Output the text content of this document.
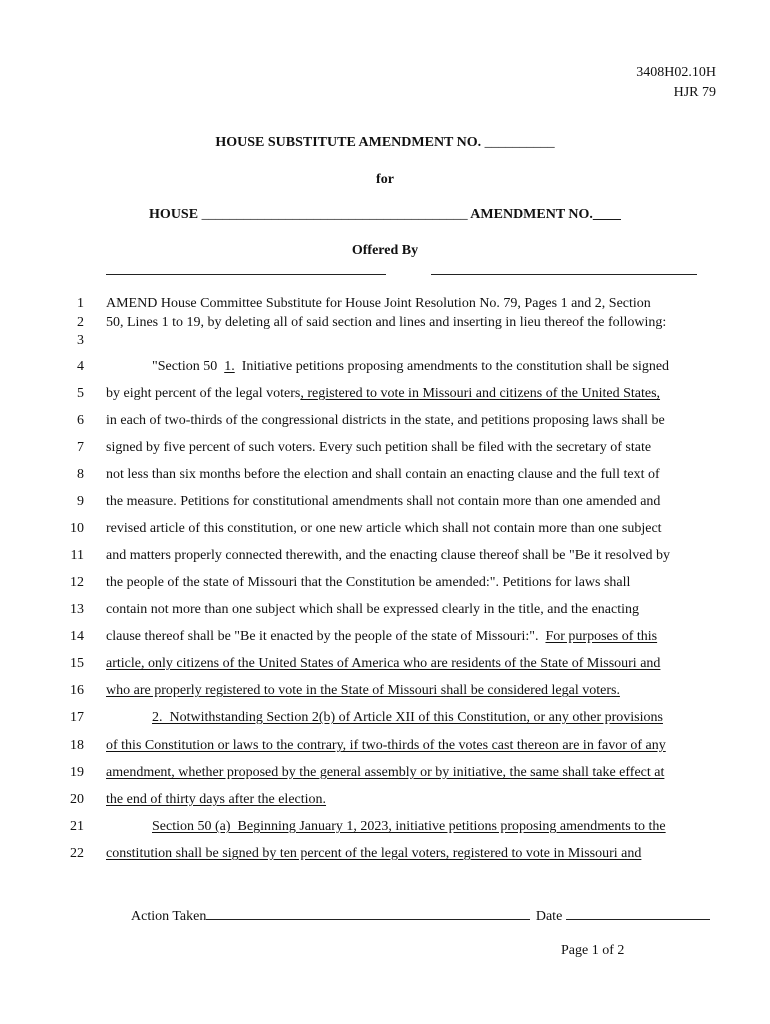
3408H02.10H
HJR 79
HOUSE SUBSTITUTE AMENDMENT NO. __________
for
HOUSE ______________________________________ AMENDMENT NO.____
Offered By
1 AMEND House Committee Substitute for House Joint Resolution No. 79, Pages 1 and 2, Section
2 50, Lines 1 to 19, by deleting all of said section and lines and inserting in lieu thereof the following:
3
4	"Section 50  1.  Initiative petitions proposing amendments to the constitution shall be signed
5 by eight percent of the legal voters, registered to vote in Missouri and citizens of the United States,
6 in each of two-thirds of the congressional districts in the state, and petitions proposing laws shall be
7 signed by five percent of such voters. Every such petition shall be filed with the secretary of state
8 not less than six months before the election and shall contain an enacting clause and the full text of
9 the measure. Petitions for constitutional amendments shall not contain more than one amended and
10 revised article of this constitution, or one new article which shall not contain more than one subject
11 and matters properly connected therewith, and the enacting clause thereof shall be "Be it resolved by
12 the people of the state of Missouri that the Constitution be amended:". Petitions for laws shall
13 contain not more than one subject which shall be expressed clearly in the title, and the enacting
14 clause thereof shall be "Be it enacted by the people of the state of Missouri:".  For purposes of this
15 article, only citizens of the United States of America who are residents of the State of Missouri and
16 who are properly registered to vote in the State of Missouri shall be considered legal voters.
17	2.  Notwithstanding Section 2(b) of Article XII of this Constitution, or any other provisions
18 of this Constitution or laws to the contrary, if two-thirds of the votes cast thereon are in favor of any
19 amendment, whether proposed by the general assembly or by initiative, the same shall take effect at
20 the end of thirty days after the election.
21	Section 50 (a)  Beginning January 1, 2023, initiative petitions proposing amendments to the
22 constitution shall be signed by ten percent of the legal voters, registered to vote in Missouri and
Action Taken	Date
Page 1 of 2
